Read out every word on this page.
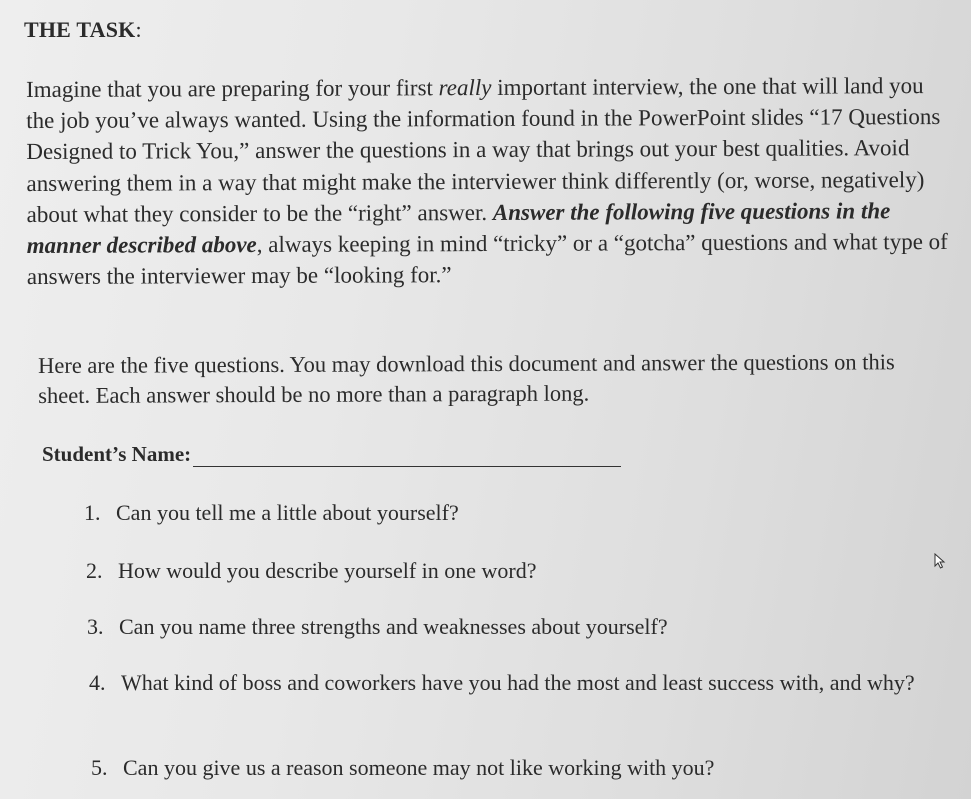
THE TASK:
Imagine that you are preparing for your first really important interview, the one that will land you the job you’ve always wanted. Using the information found in the PowerPoint slides “17 Questions Designed to Trick You,” answer the questions in a way that brings out your best qualities. Avoid answering them in a way that might make the interviewer think differently (or, worse, negatively) about what they consider to be the “right” answer. Answer the following five questions in the manner described above, always keeping in mind “tricky” or a “gotcha” questions and what type of answers the interviewer may be “looking for.”
Here are the five questions. You may download this document and answer the questions on this sheet. Each answer should be no more than a paragraph long.
Student’s Name:
1. Can you tell me a little about yourself?
2. How would you describe yourself in one word?
3. Can you name three strengths and weaknesses about yourself?
4. What kind of boss and coworkers have you had the most and least success with, and why?
5. Can you give us a reason someone may not like working with you?
